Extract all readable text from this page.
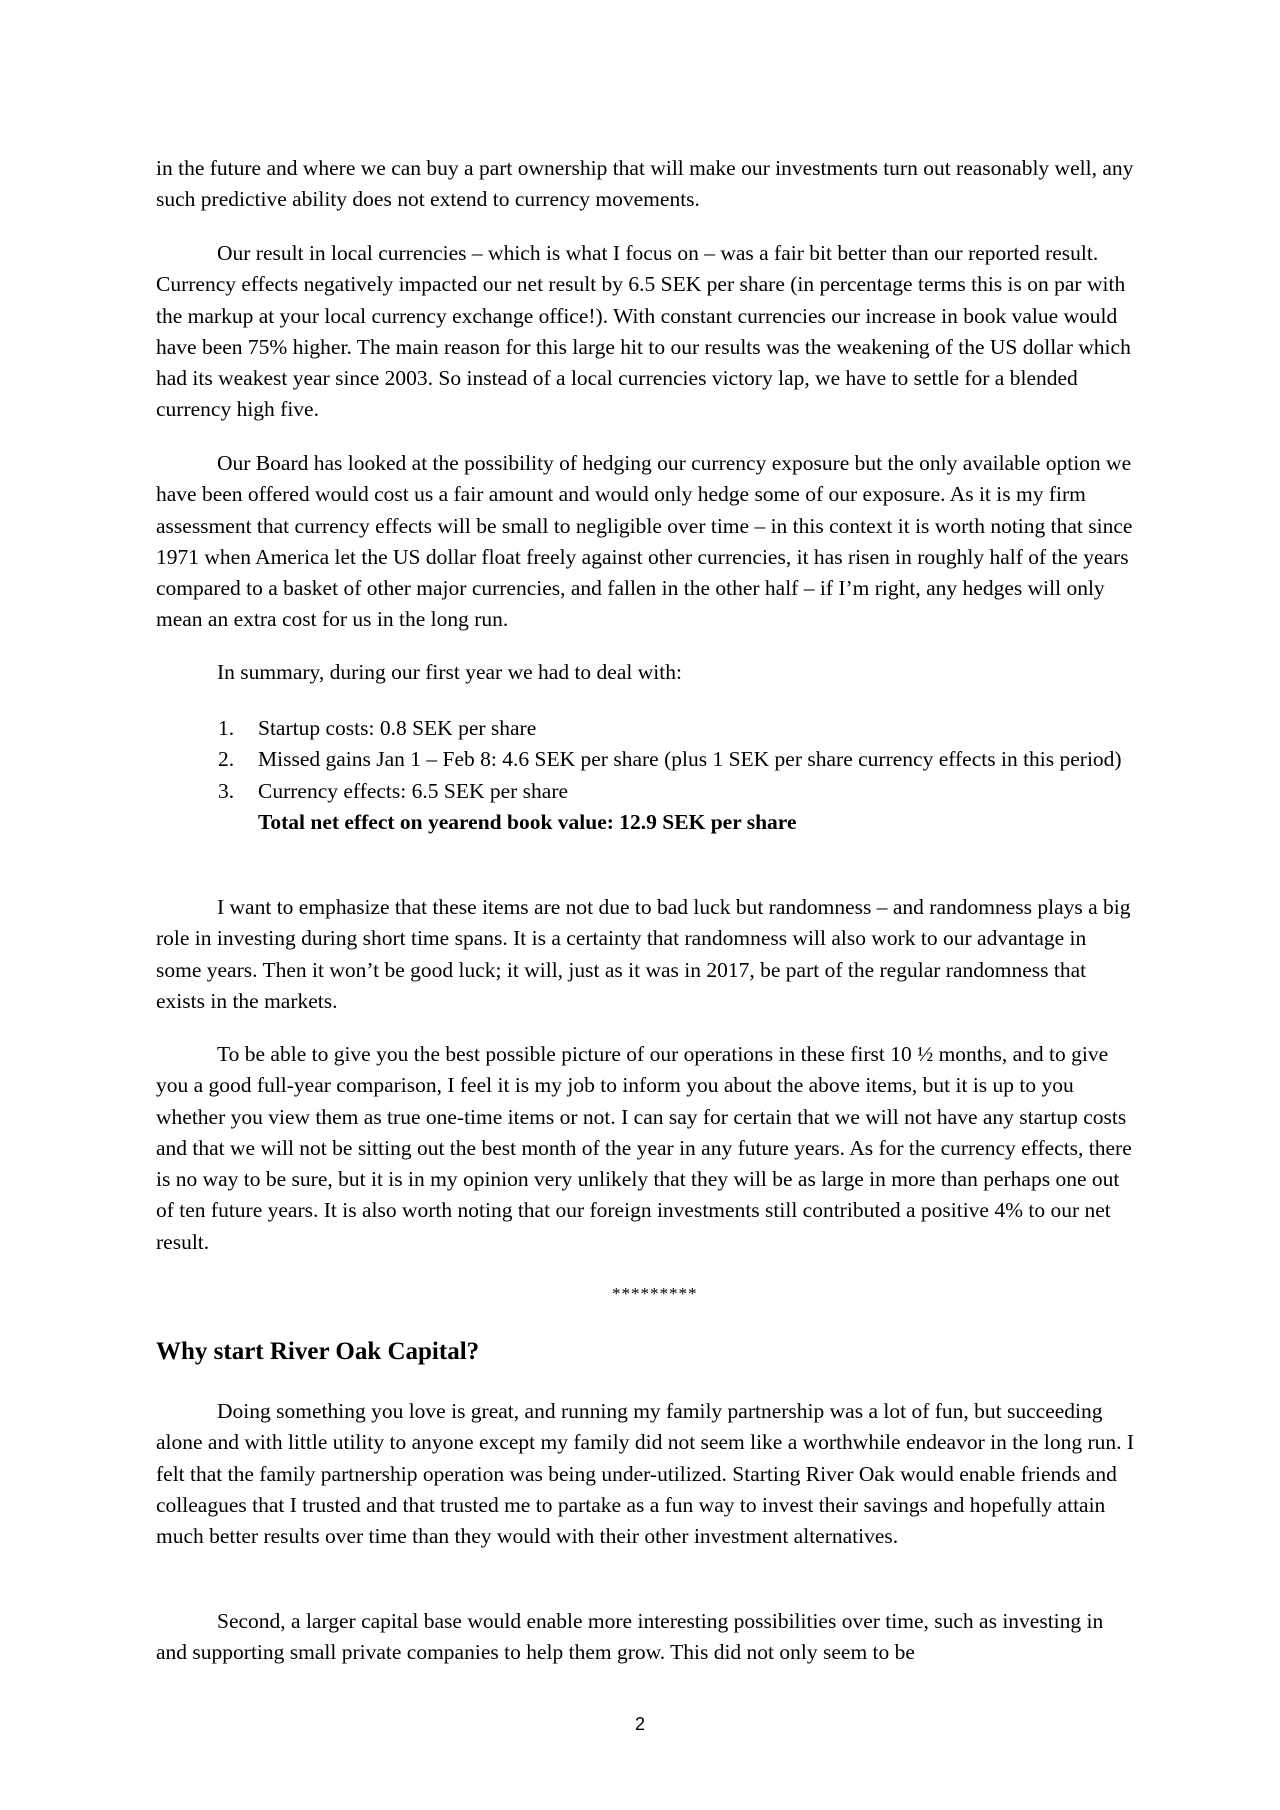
in the future and where we can buy a part ownership that will make our investments turn out reasonably well, any such predictive ability does not extend to currency movements.
Our result in local currencies – which is what I focus on – was a fair bit better than our reported result. Currency effects negatively impacted our net result by 6.5 SEK per share (in percentage terms this is on par with the markup at your local currency exchange office!). With constant currencies our increase in book value would have been 75% higher. The main reason for this large hit to our results was the weakening of the US dollar which had its weakest year since 2003. So instead of a local currencies victory lap, we have to settle for a blended currency high five.
Our Board has looked at the possibility of hedging our currency exposure but the only available option we have been offered would cost us a fair amount and would only hedge some of our exposure. As it is my firm assessment that currency effects will be small to negligible over time – in this context it is worth noting that since 1971 when America let the US dollar float freely against other currencies, it has risen in roughly half of the years compared to a basket of other major currencies, and fallen in the other half – if I’m right, any hedges will only mean an extra cost for us in the long run.
In summary, during our first year we had to deal with:
1. Startup costs: 0.8 SEK per share
2. Missed gains Jan 1 – Feb 8: 4.6 SEK per share (plus 1 SEK per share currency effects in this period)
3. Currency effects: 6.5 SEK per share
Total net effect on yearend book value: 12.9 SEK per share
I want to emphasize that these items are not due to bad luck but randomness – and randomness plays a big role in investing during short time spans. It is a certainty that randomness will also work to our advantage in some years. Then it won’t be good luck; it will, just as it was in 2017, be part of the regular randomness that exists in the markets.
To be able to give you the best possible picture of our operations in these first 10 ½ months, and to give you a good full-year comparison, I feel it is my job to inform you about the above items, but it is up to you whether you view them as true one-time items or not. I can say for certain that we will not have any startup costs and that we will not be sitting out the best month of the year in any future years. As for the currency effects, there is no way to be sure, but it is in my opinion very unlikely that they will be as large in more than perhaps one out of ten future years. It is also worth noting that our foreign investments still contributed a positive 4% to our net result.
*********
Why start River Oak Capital?
Doing something you love is great, and running my family partnership was a lot of fun, but succeeding alone and with little utility to anyone except my family did not seem like a worthwhile endeavor in the long run. I felt that the family partnership operation was being under-utilized. Starting River Oak would enable friends and colleagues that I trusted and that trusted me to partake as a fun way to invest their savings and hopefully attain much better results over time than they would with their other investment alternatives.
Second, a larger capital base would enable more interesting possibilities over time, such as investing in and supporting small private companies to help them grow. This did not only seem to be
2
